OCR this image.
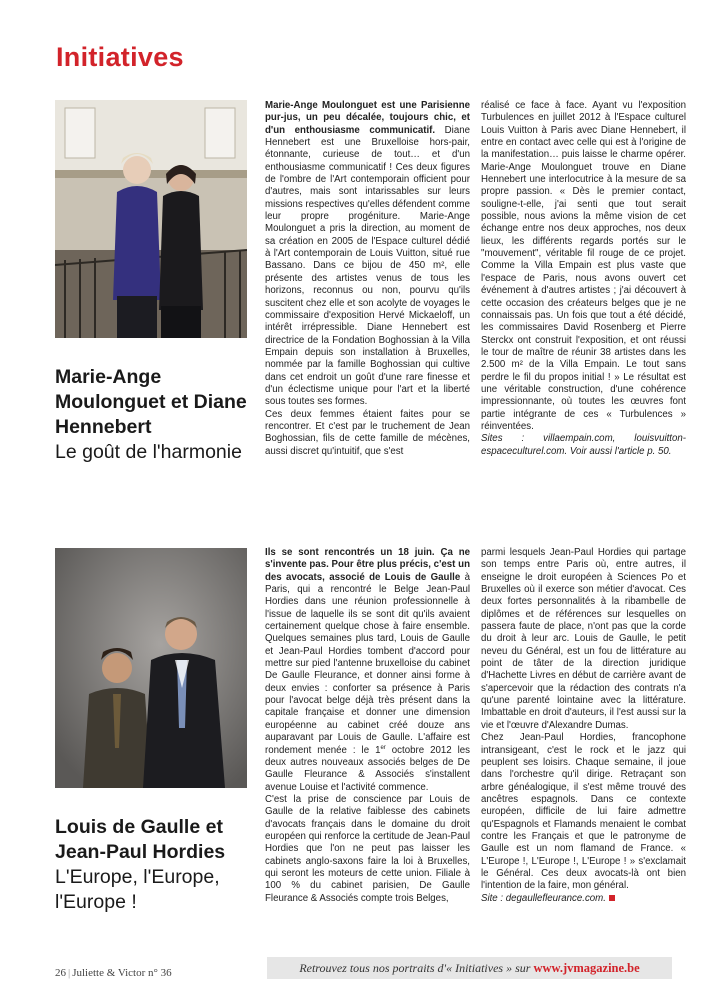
Initiatives
Marie-Ange Moulonguet et Diane Hennebert
Le goût de l'harmonie

Marie-Ange Moulonguet est une Parisienne pur-jus, un peu décalée, toujours chic, et d'un enthousiasme communicatif. Diane Hennebert est une Bruxelloise hors-pair, étonnante, curieuse de tout… et d'un enthousiasme communicatif ! Ces deux figures de l'ombre de l'Art contemporain officient pour d'autres, mais sont intarissables sur leurs missions respectives qu'elles défendent comme leur propre progéniture. Marie-Ange Moulonguet a pris la direction, au moment de sa création en 2005 de l'Espace culturel dédié à l'Art contemporain de Louis Vuitton, situé rue Bassano. Dans ce bijou de 450 m², elle présente des artistes venus de tous les horizons, reconnus ou non, pourvu qu'ils suscitent chez elle et son acolyte de voyages le commissaire d'exposition Hervé Mickaeloff, un intérêt irrépressible. Diane Hennebert est directrice de la Fondation Boghossian à la Villa Empain depuis son installation à Bruxelles, nommée par la famille Boghossian qui cultive dans cet endroit un goût d'une rare finesse et d'un éclectisme unique pour l'art et la liberté sous toutes ses formes.

Ces deux femmes étaient faites pour se rencontrer. Et c'est par le truchement de Jean Boghossian, fils de cette famille de mécènes, aussi discret qu'intuitif, que s'est

réalisé ce face à face. Ayant vu l'exposition Turbulences en juillet 2012 à l'Espace culturel Louis Vuitton à Paris avec Diane Hennebert, il entre en contact avec celle qui est à l'origine de la manifestation… puis laisse le charme opérer. Marie-Ange Moulonguet trouve en Diane Hennebert une interlocutrice à la mesure de sa propre passion. « Dès le premier contact, souligne-t-elle, j'ai senti que tout serait possible, nous avions la même vision de cet échange entre nos deux approches, nos deux lieux, les différents regards portés sur le "mouvement", véritable fil rouge de ce projet. Comme la Villa Empain est plus vaste que l'espace de Paris, nous avons ouvert cet événement à d'autres artistes ; j'ai découvert à cette occasion des créateurs belges que je ne connaissais pas. Un fois que tout a été décidé, les commissaires David Rosenberg et Pierre Sterckx ont construit l'exposition, et ont réussi le tour de maître de réunir 38 artistes dans les 2.500 m² de la Villa Empain. Le tout sans perdre le fil du propos initial ! » Le résultat est une véritable construction, d'une cohérence impressionnante, où toutes les œuvres font partie intégrante de ces « Turbulences » réinventées.

Sites : villaempain.com, louisvuitton-espaceculturel.com. Voir aussi l'article p. 50.

Louis de Gaulle et Jean-Paul Hordies
L'Europe, l'Europe, l'Europe !

Ils se sont rencontrés un 18 juin. Ça ne s'invente pas. Pour être plus précis, c'est un des avocats, associé de Louis de Gaulle à Paris, qui a rencontré le Belge Jean-Paul Hordies dans une réunion professionnelle à l'issue de laquelle ils se sont dit qu'ils avaient certainement quelque chose à faire ensemble. Quelques semaines plus tard, Louis de Gaulle et Jean-Paul Hordies tombent d'accord pour mettre sur pied l'antenne bruxelloise du cabinet De Gaulle Fleurance, et donner ainsi forme à deux envies : conforter sa présence à Paris pour l'avocat belge déjà très présent dans la capitale française et donner une dimension européenne au cabinet créé douze ans auparavant par Louis de Gaulle. L'affaire est rondement menée : le 1er octobre 2012 les deux autres nouveaux associés belges de De Gaulle Fleurance & Associés s'installent avenue Louise et l'activité commence.

C'est la prise de conscience par Louis de Gaulle de la relative faiblesse des cabinets d'avocats français dans le domaine du droit européen qui renforce la certitude de Jean-Paul Hordies que l'on ne peut pas laisser les cabinets anglo-saxons faire la loi à Bruxelles, qui seront les moteurs de cette union. Filiale à 100 % du cabinet parisien, De Gaulle Fleurance & Associés compte trois Belges,

parmi lesquels Jean-Paul Hordies qui partage son temps entre Paris où, entre autres, il enseigne le droit européen à Sciences Po et Bruxelles où il exerce son métier d'avocat. Ces deux fortes personnalités à la ribambelle de diplômes et de références sur lesquelles on passera faute de place, n'ont pas que la corde du droit à leur arc. Louis de Gaulle, le petit neveu du Général, est un fou de littérature au point de tâter de la direction juridique d'Hachette Livres en début de carrière avant de s'apercevoir que la rédaction des contrats n'a qu'une parenté lointaine avec la littérature. Imbattable en droit d'auteurs, il l'est aussi sur la vie et l'œuvre d'Alexandre Dumas.

Chez Jean-Paul Hordies, francophone intransigeant, c'est le rock et le jazz qui peuplent ses loisirs. Chaque semaine, il joue dans l'orchestre qu'il dirige. Retraçant son arbre généalogique, il s'est même trouvé des ancêtres espagnols. Dans ce contexte européen, difficile de lui faire admettre qu'Espagnols et Flamands menaient le combat contre les Français et que le patronyme de Gaulle est un nom flamand de France. « L'Europe !, L'Europe !, L'Europe ! » s'exclamait le Général. Ces deux avocats-là ont bien l'intention de la faire, mon général.

Site : degaullefleurance.com.

26 | Juliette & Victor n° 36	Retrouvez tous nos portraits d'« Initiatives » sur www.jvmagazine.be
